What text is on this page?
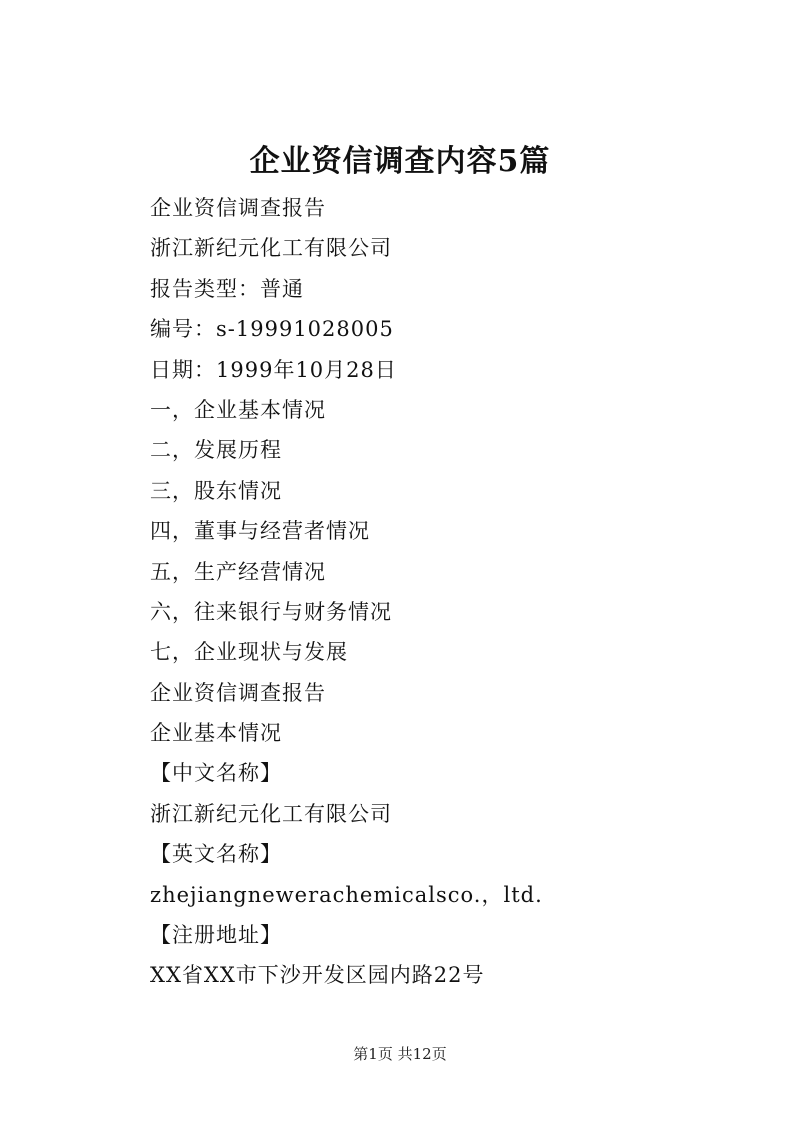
企业资信调查内容5篇
企业资信调查报告
浙江新纪元化工有限公司
报告类型：普通
编号：s-19991028005
日期：1999年10月28日
一，企业基本情况
二，发展历程
三，股东情况
四，董事与经营者情况
五，生产经营情况
六，往来银行与财务情况
七，企业现状与发展
企业资信调查报告
企业基本情况
【中文名称】
浙江新纪元化工有限公司
【英文名称】
zhejiangnewerachemicalsco.，ltd.
【注册地址】
XX省XX市下沙开发区园内路22号
第1页 共12页
